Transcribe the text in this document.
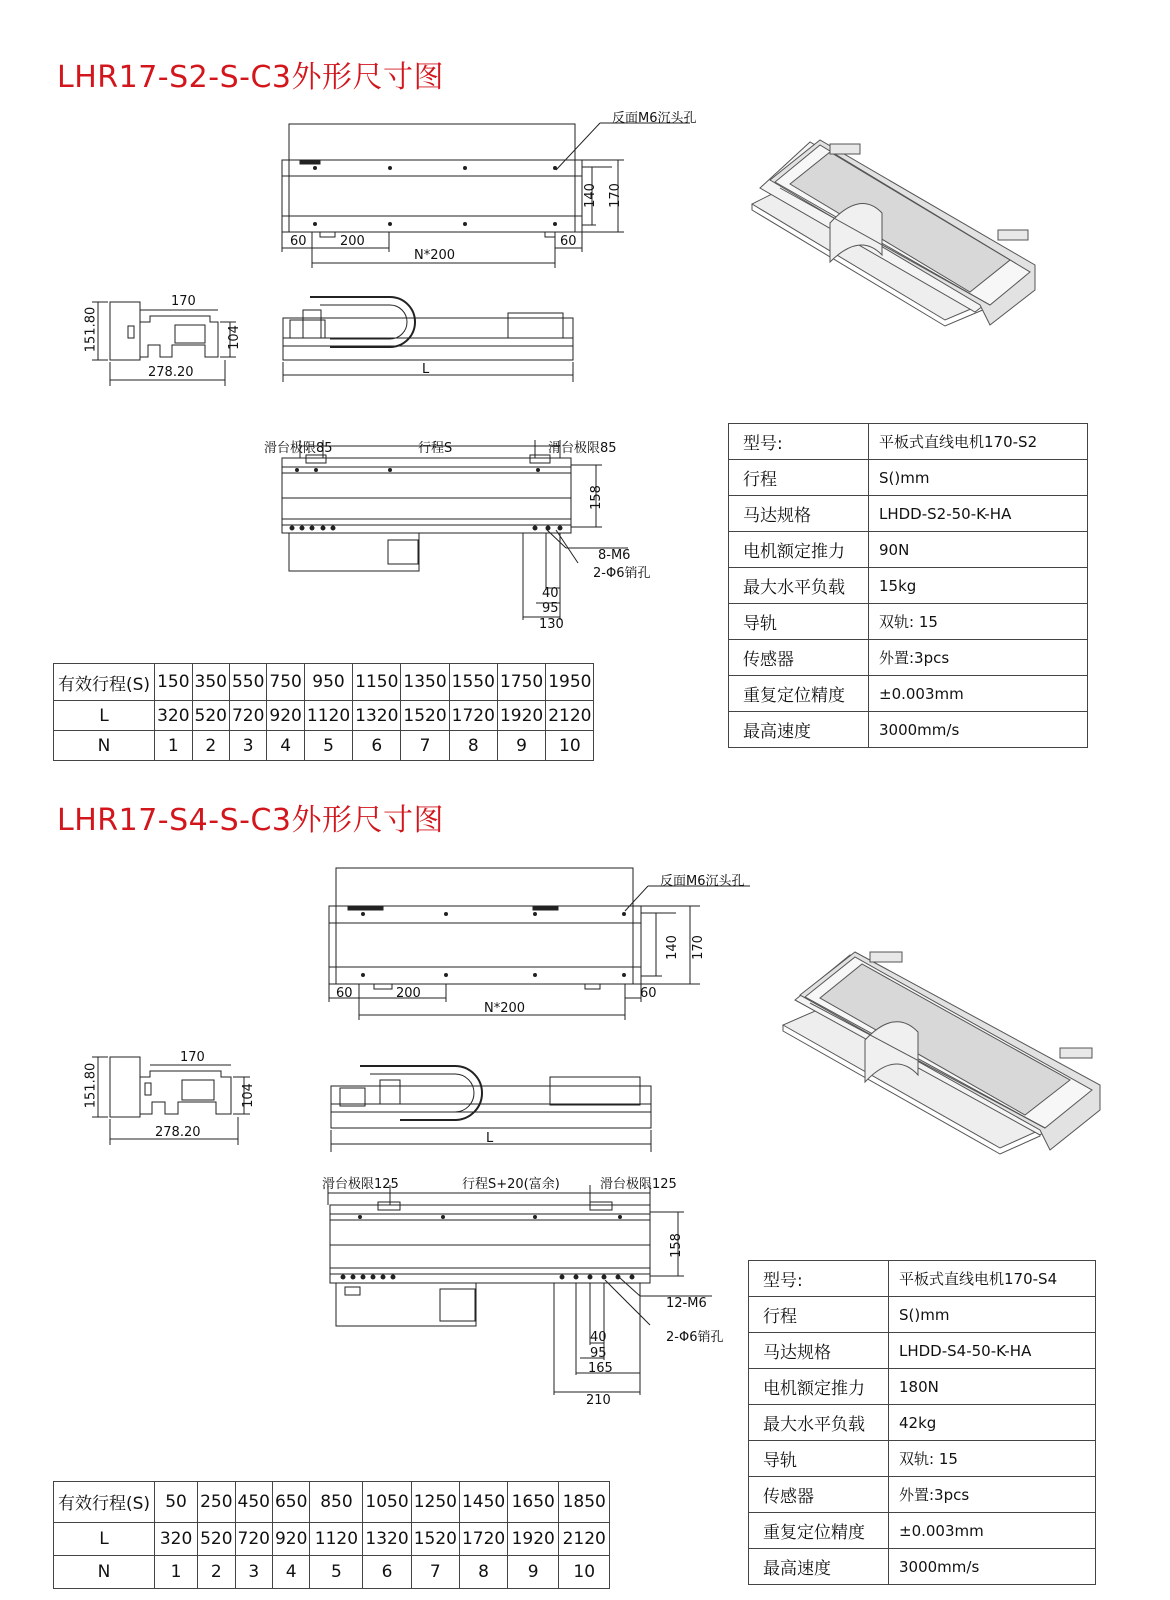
LHR17-S2-S-C3外形尺寸图
反面M6沉头孔
60	200
N*200
60
140 170
151.80
170
104
278.20	L
滑台极限85	行程S	滑台极限85
158
8-M6
2-Φ6销孔
40
95
130
型号:	平板式直线电机170-S2
行程	S()mm
马达规格	LHDD-S2-50-K-HA
电机额定推力	90N
最大水平负载	15kg
导轨	双轨: 15
传感器	外置:3pcs
重复定位精度	±0.003mm
最高速度	3000mm/s
有效行程(S)	150	350	550	750	950	1150	1350	1550	1750	1950
L	320	520	720	920	1120	1320	1520	1720	1920	2120
N	1	2	3	4	5	6	7	8	9	10
LHR17-S4-S-C3外形尺寸图
反面M6沉头孔
60	200
N*200
60
140 170
151.80
170
104
278.20	L
滑台极限125	行程S+20(富余)	滑台极限125
158
12-M6
2-Φ6销孔
40
95
165
210
型号:	平板式直线电机170-S4
行程	S()mm
马达规格	LHDD-S4-50-K-HA
电机额定推力	180N
最大水平负载	42kg
导轨	双轨: 15
传感器	外置:3pcs
重复定位精度	±0.003mm
最高速度	3000mm/s
有效行程(S)	50	250	450	650	850	1050	1250	1450	1650	1850
L	320	520	720	920	1120	1320	1520	1720	1920	2120
N	1	2	3	4	5	6	7	8	9	10
